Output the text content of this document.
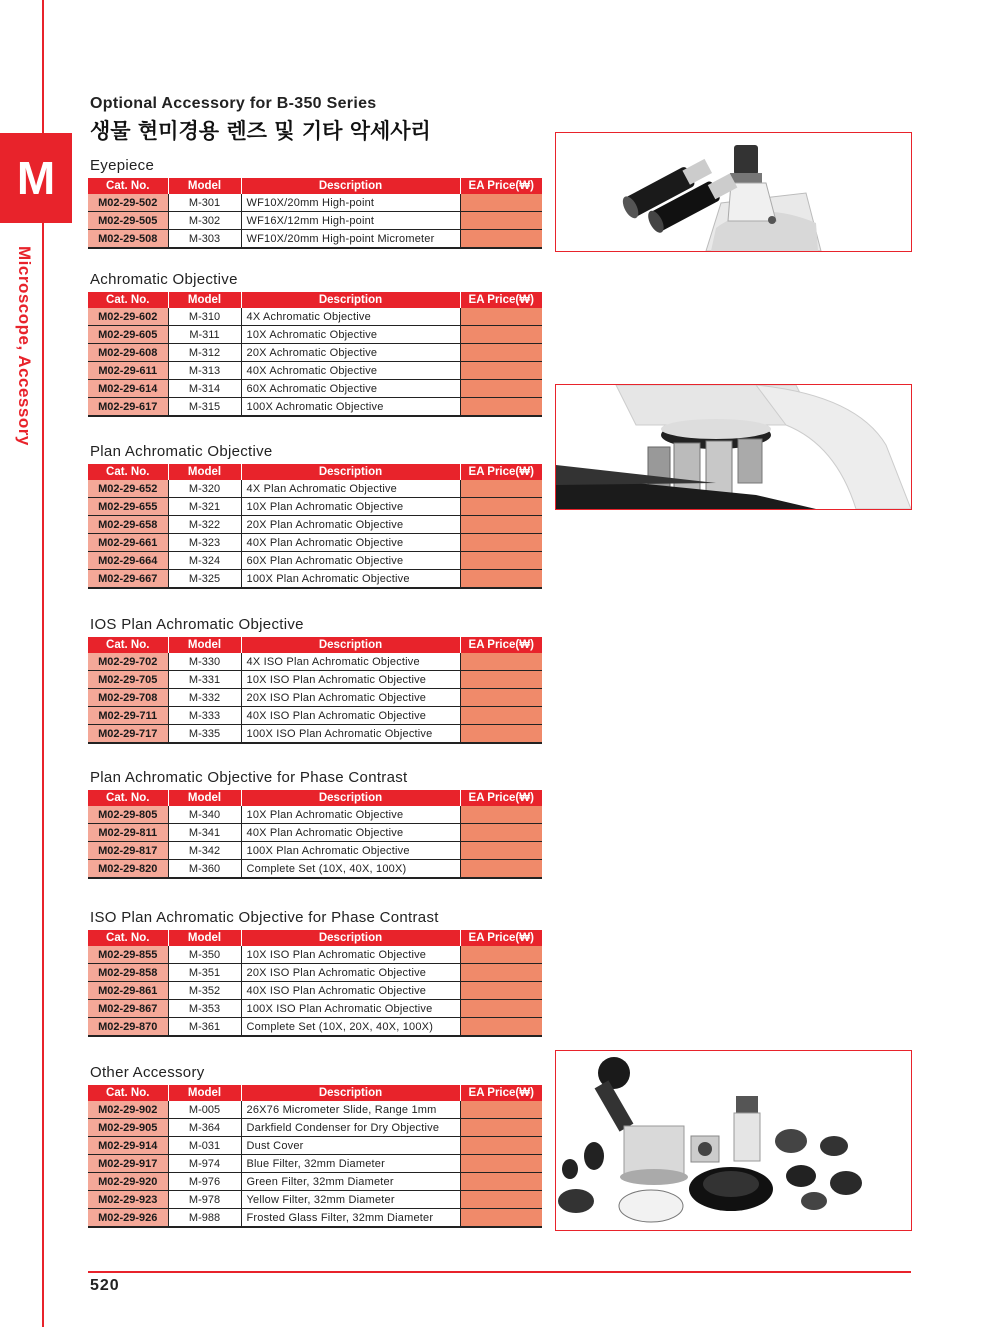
M
Microscope, Accessory
Optional Accessory for B-350 Series
생물 현미경용 렌즈 및 기타 악세사리
Eyepiece
Cat. No.	Model	Description	EA Price(₩)
M02-29-502	M-301	WF10X/20mm High-point	
M02-29-505	M-302	WF16X/12mm High-point	
M02-29-508	M-303	WF10X/20mm High-point Micrometer	
Achromatic Objective
Cat. No.	Model	Description	EA Price(₩)
M02-29-602	M-310	4X Achromatic Objective	
M02-29-605	M-311	10X Achromatic Objective	
M02-29-608	M-312	20X Achromatic Objective	
M02-29-611	M-313	40X Achromatic Objective	
M02-29-614	M-314	60X Achromatic Objective	
M02-29-617	M-315	100X Achromatic Objective	
Plan Achromatic Objective
Cat. No.	Model	Description	EA Price(₩)
M02-29-652	M-320	4X Plan Achromatic Objective	
M02-29-655	M-321	10X Plan Achromatic Objective	
M02-29-658	M-322	20X Plan Achromatic Objective	
M02-29-661	M-323	40X Plan Achromatic Objective	
M02-29-664	M-324	60X Plan Achromatic Objective	
M02-29-667	M-325	100X Plan Achromatic Objective	
IOS Plan Achromatic Objective
Cat. No.	Model	Description	EA Price(₩)
M02-29-702	M-330	4X ISO Plan Achromatic Objective	
M02-29-705	M-331	10X ISO Plan Achromatic Objective	
M02-29-708	M-332	20X ISO Plan Achromatic Objective	
M02-29-711	M-333	40X ISO Plan Achromatic Objective	
M02-29-717	M-335	100X ISO Plan Achromatic Objective	
Plan Achromatic Objective for Phase Contrast
Cat. No.	Model	Description	EA Price(₩)
M02-29-805	M-340	10X Plan Achromatic Objective	
M02-29-811	M-341	40X Plan Achromatic Objective	
M02-29-817	M-342	100X Plan Achromatic Objective	
M02-29-820	M-360	Complete Set (10X, 40X, 100X)	
ISO Plan Achromatic Objective for Phase Contrast
Cat. No.	Model	Description	EA Price(₩)
M02-29-855	M-350	10X ISO Plan Achromatic Objective	
M02-29-858	M-351	20X ISO Plan Achromatic Objective	
M02-29-861	M-352	40X ISO Plan Achromatic Objective	
M02-29-867	M-353	100X ISO Plan Achromatic Objective	
M02-29-870	M-361	Complete Set (10X, 20X, 40X, 100X)	
Other Accessory
Cat. No.	Model	Description	EA Price(₩)
M02-29-902	M-005	26X76 Micrometer Slide, Range 1mm	
M02-29-905	M-364	Darkfield Condenser for Dry Objective	
M02-29-914	M-031	Dust Cover	
M02-29-917	M-974	Blue Filter, 32mm Diameter	
M02-29-920	M-976	Green Filter, 32mm Diameter	
M02-29-923	M-978	Yellow Filter, 32mm Diameter	
M02-29-926	M-988	Frosted Glass Filter, 32mm Diameter	
520
